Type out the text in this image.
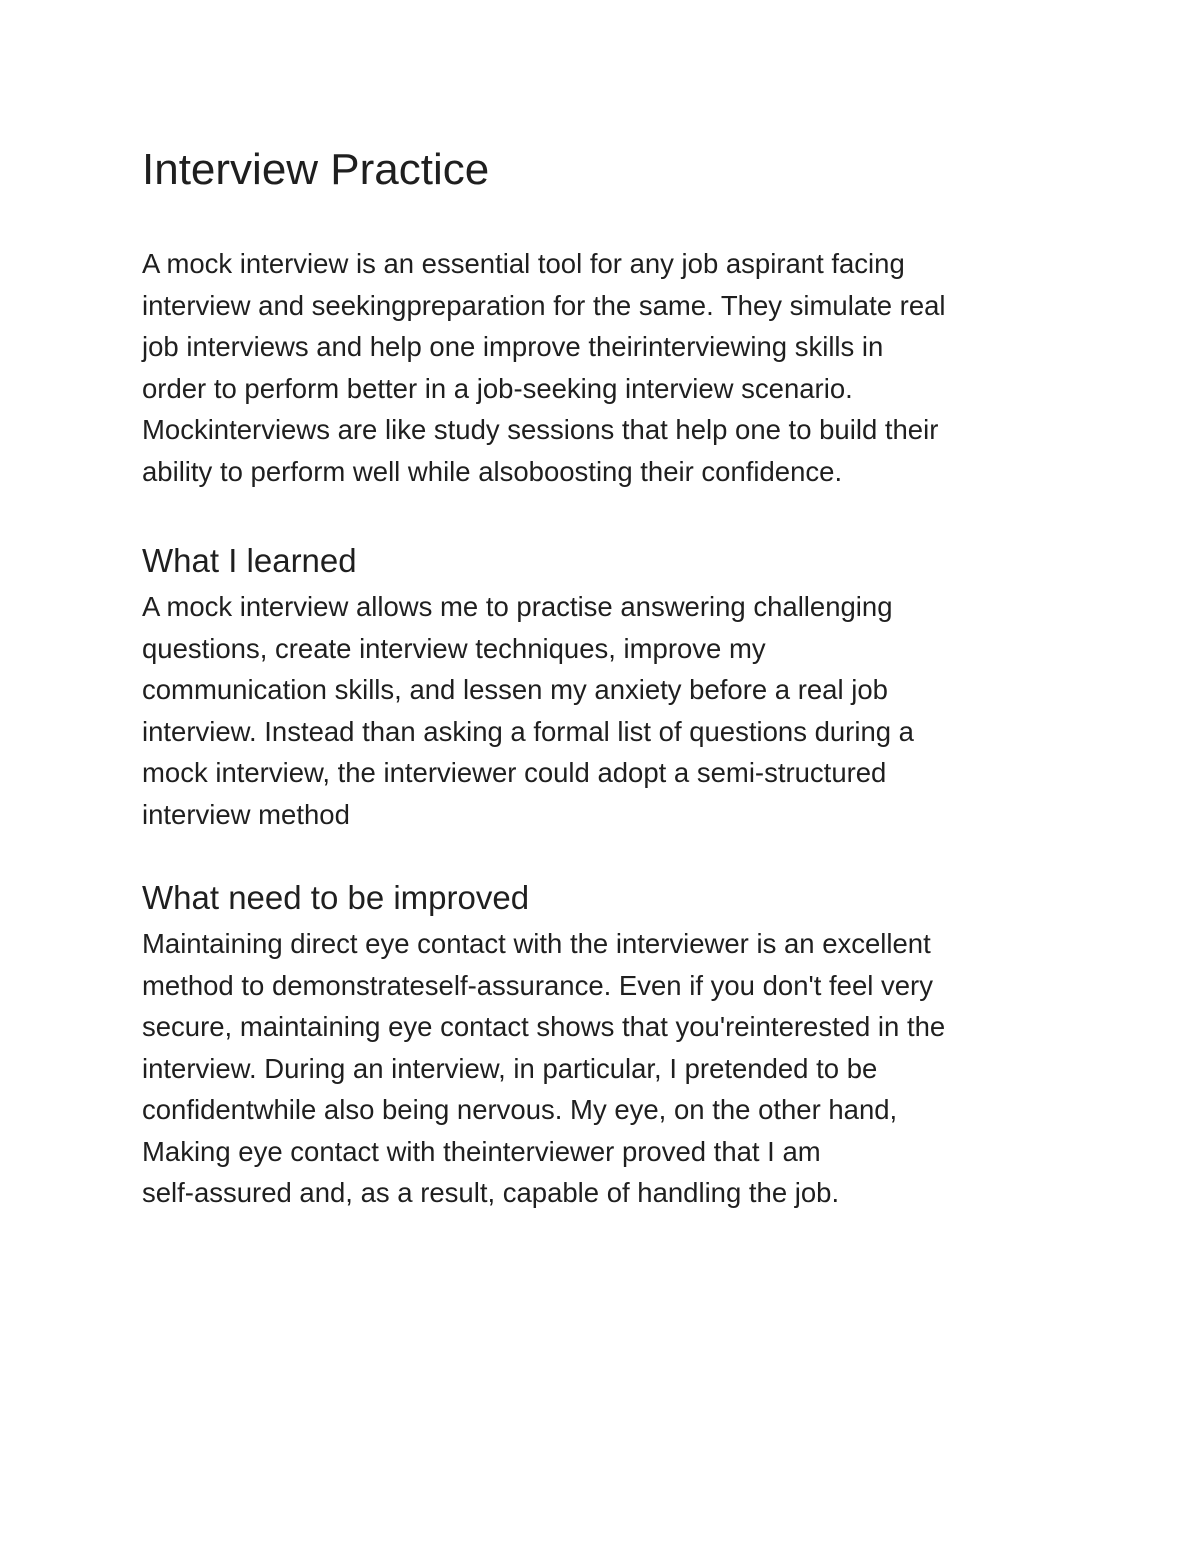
Interview Practice

A mock interview is an essential tool for any job aspirant facing
interview and seekingpreparation for the same. They simulate real
job interviews and help one improve theirinterviewing skills in
order to perform better in a job-seeking interview scenario.
Mockinterviews are like study sessions that help one to build their
ability to perform well while alsoboosting their confidence.

What I learned

A mock interview allows me to practise answering challenging
questions, create interview techniques, improve my
communication skills, and lessen my anxiety before a real job
interview. Instead than asking a formal list of questions during a
mock interview, the interviewer could adopt a semi-structured
interview method

What need to be improved

Maintaining direct eye contact with the interviewer is an excellent
method to demonstrateself-assurance. Even if you don't feel very
secure, maintaining eye contact shows that you'reinterested in the
interview. During an interview, in particular, I pretended to be
confidentwhile also being nervous. My eye, on the other hand,
Making eye contact with theinterviewer proved that I am
self-assured and, as a result, capable of handling the job.
